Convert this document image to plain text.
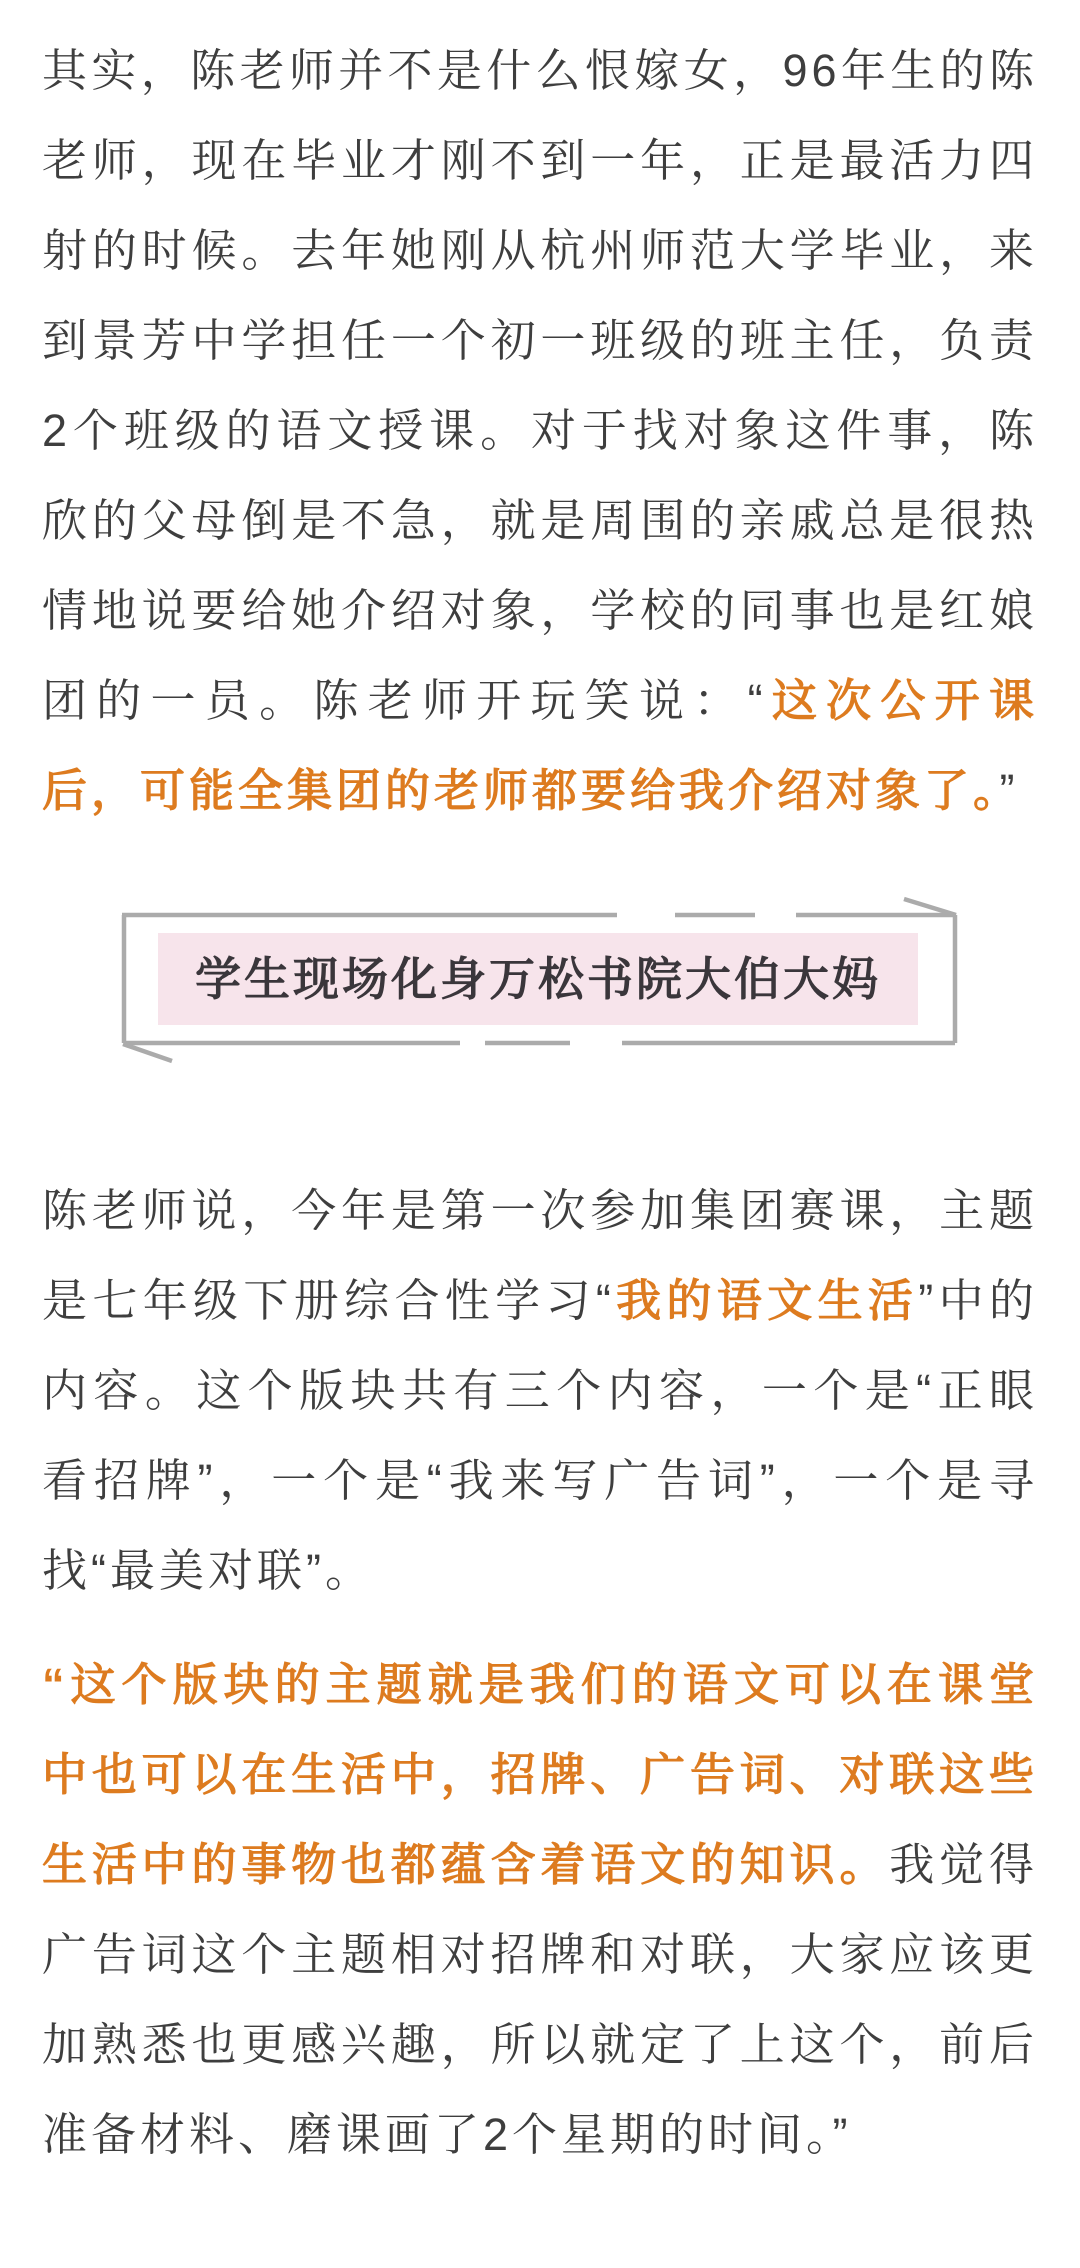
其实，陈老师并不是什么恨嫁女，96年生的陈老师，现在毕业才刚不到一年，正是最活力四射的时候。去年她刚从杭州师范大学毕业，来到景芳中学担任一个初一班级的班主任，负责2个班级的语文授课。对于找对象这件事，陈欣的父母倒是不急，就是周围的亲戚总是很热情地说要给她介绍对象，学校的同事也是红娘团的一员。陈老师开玩笑说：“这次公开课后，可能全集团的老师都要给我介绍对象了。”

学生现场化身万松书院大伯大妈

陈老师说，今年是第一次参加集团赛课，主题是七年级下册综合性学习“我的语文生活”中的内容。这个版块共有三个内容，一个是“正眼看招牌”，一个是“我来写广告词”，一个是寻找“最美对联”。

“这个版块的主题就是我们的语文可以在课堂中也可以在生活中，招牌、广告词、对联这些生活中的事物也都蕴含着语文的知识。我觉得广告词这个主题相对招牌和对联，大家应该更加熟悉也更感兴趣，所以就定了上这个，前后准备材料、磨课画了2个星期的时间。”
